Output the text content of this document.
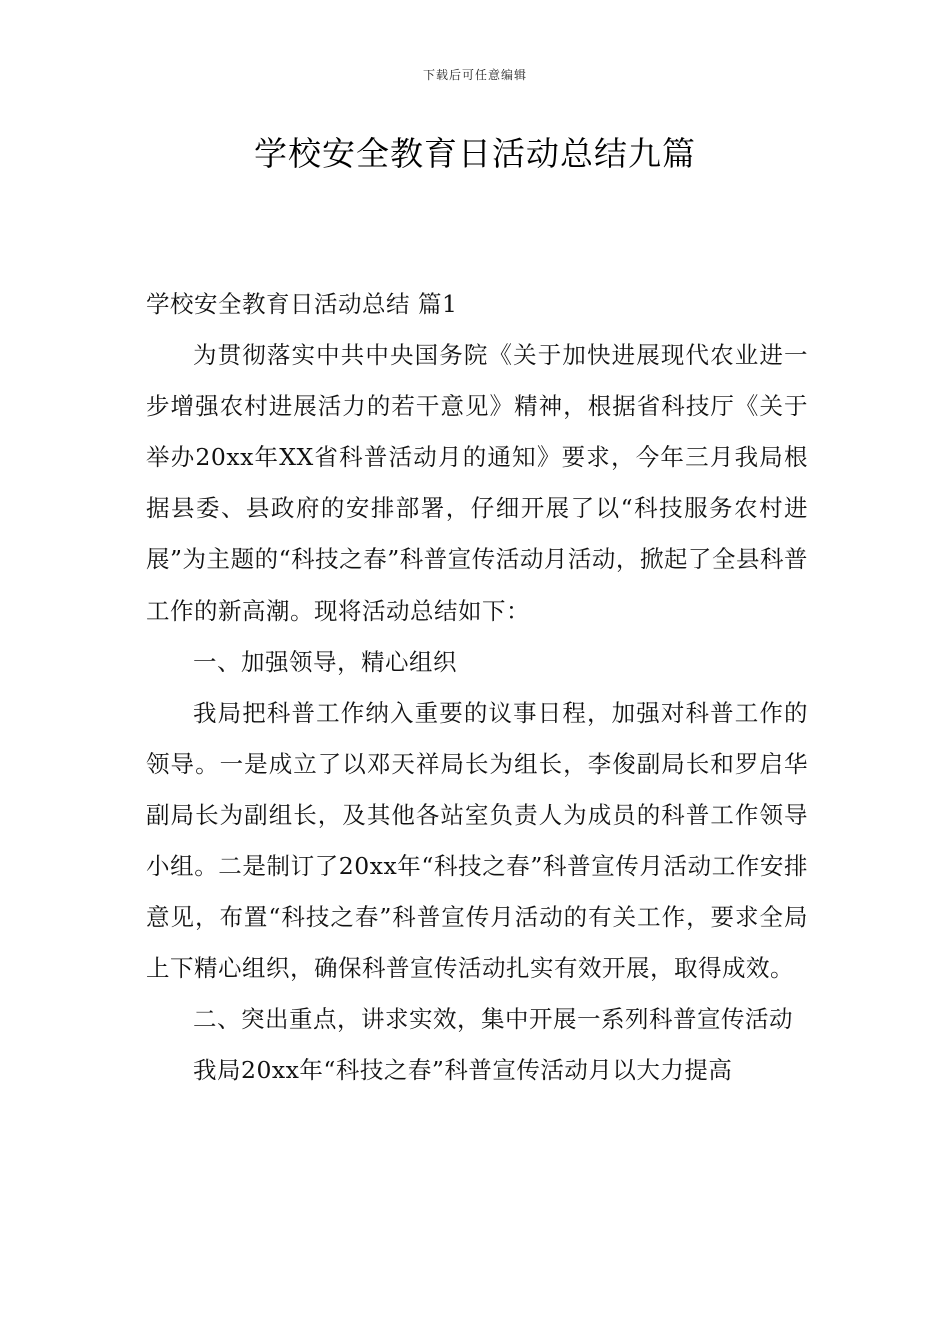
下载后可任意编辑
学校安全教育日活动总结九篇

学校安全教育日活动总结 篇1

为贯彻落实中共中央国务院《关于加快进展现代农业进一步增强农村进展活力的若干意见》精神，根据省科技厅《关于举办20xx年XX省科普活动月的通知》要求，今年三月我局根据县委、县政府的安排部署，仔细开展了以“科技服务农村进展”为主题的“科技之春”科普宣传活动月活动，掀起了全县科普工作的新高潮。现将活动总结如下：

一、加强领导，精心组织

我局把科普工作纳入重要的议事日程，加强对科普工作的领导。一是成立了以邓天祥局长为组长，李俊副局长和罗启华副局长为副组长，及其他各站室负责人为成员的科普工作领导小组。二是制订了20xx年“科技之春”科普宣传月活动工作安排意见，布置“科技之春”科普宣传月活动的有关工作，要求全局上下精心组织，确保科普宣传活动扎实有效开展，取得成效。

二、突出重点，讲求实效，集中开展一系列科普宣传活动

我局20xx年“科技之春”科普宣传活动月以大力提高
